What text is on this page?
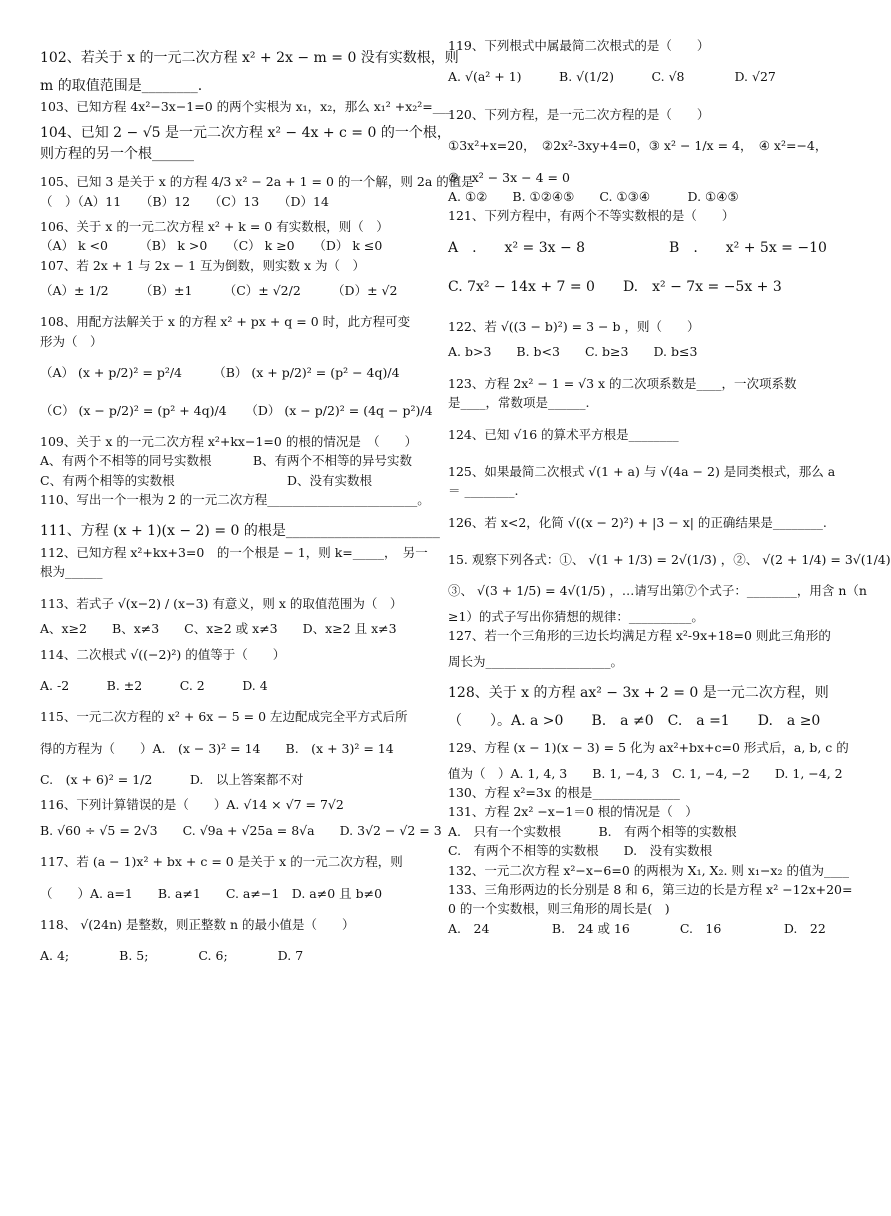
102、若关于 x 的一元二次方程 x² + 2x − m = 0 没有实数根，则
m 的取值范围是________.
103、已知方程 4x²−3x−1=0 的两个实根为 x₁，x₂，那么 x₁² +x₂²=___
104、已知 2 − √5 是一元二次方程 x² − 4x + c = 0 的一个根，
则方程的另一个根______
105、已知 3 是关于 x 的方程 4/3 x² − 2a + 1 = 0 的一个解，则 2a 的值是
（　）（A）11　　（B）12　　（C）13　　（D）14
106、关于 x 的一元二次方程 x² + k = 0 有实数根，则（　）
（A） k <0　　　（B） k >0　　（C） k ≥0　　（D） k ≤0
107、若 2x + 1 与 2x − 1 互为倒数，则实数 x 为（　）
（A）± 1/2　　　（B）±1　　　（C）± √2/2　　　（D）± √2
108、用配方法解关于 x 的方程 x² + px + q = 0 时，此方程可变
形为（　）
（A） (x + p/2)² = p²/4　　　（B） (x + p/2)² = (p² − 4q)/4
（C） (x − p/2)² = (p² + 4q)/4　　（D） (x − p/2)² = (4q − p²)/4
109、关于 x 的一元二次方程 x²+kx−1=0 的根的情况是　（　　）
A、有两个不相等的同号实数根	B、有两个不相等的异号实数
C、有两个相等的实数根	D、没有实数根
110、写出一个一根为 2 的一元二次方程________________________。
111、方程 (x + 1)(x − 2) = 0 的根是______________________
112、已知方程 x²+kx+3=0　的一个根是 − 1，则 k=_____，　另一
根为______
113、若式子 √(x−2) / (x−3) 有意义，则 x 的取值范围为（　）
A、x≥2　　B、x≠3　　C、x≥2 或 x≠3　　D、x≥2 且 x≠3
114、二次根式 √((−2)²) 的值等于（　　）
A. -2　　　B. ±2　　　C. 2　　　D. 4
115、一元二次方程的 x² + 6x − 5 = 0 左边配成完全平方式后所
得的方程为（　　）A.　(x − 3)² = 14　　B.　(x + 3)² = 14
C.　(x + 6)² = 1/2　　　D.　以上答案都不对
116、下列计算错误的是（　　）A. √14 × √7 = 7√2
B. √60 ÷ √5 = 2√3　　C. √9a + √25a = 8√a　　D. 3√2 − √2 = 3
117、若 (a − 1)x² + bx + c = 0 是关于 x 的一元二次方程，则
（　　）A. a=1　　B. a≠1　　C. a≠−1　D. a≠0 且 b≠0
118、 √(24n) 是整数，则正整数 n 的最小值是（　　）
A. 4;　　　　B. 5;　　　　C. 6;　　　　D. 7
119、下列根式中属最简二次根式的是（　　）
A. √(a² + 1)　　　B. √(1/2)　　　C. √8　　　　D. √27
120、下列方程，是一元二次方程的是（　　）
①3x²+x=20，　②2x²-3xy+4=0，③ x² − 1/x = 4，　④ x²=−4，
⑤　x² − 3x − 4 = 0
A. ①②　　B. ①②④⑤　　C. ①③④　　　D. ①④⑤
121、下列方程中，有两个不等实数根的是（　　）
A　.　　x² = 3x − 8　　　　　　B　.　　x² + 5x = −10
C. 7x² − 14x + 7 = 0　　D.　x² − 7x = −5x + 3
122、若 √((3 − b)²) = 3 − b ，则（　　）
A. b>3　　B. b<3　　C. b≥3　　D. b≤3
123、方程 2x² − 1 = √3 x 的二次项系数是____，一次项系数
是____，常数项是______.
124、已知 √16 的算术平方根是________
125、如果最简二次根式 √(1 + a) 与 √(4a − 2) 是同类根式，那么 a
＝ ________.
126、若 x<2，化简 √((x − 2)²) + |3 − x| 的正确结果是________.
15. 观察下列各式：①、 √(1 + 1/3) = 2√(1/3) ，②、 √(2 + 1/4) = 3√(1/4)
③、 √(3 + 1/5) = 4√(1/5) ，…请写出第⑦个式子：________，用含 n（n
≥1）的式子写出你猜想的规律：__________。
127、若一个三角形的三边长均满足方程 x²-9x+18=0 则此三角形的
周长为____________________。
128、关于 x 的方程 ax² − 3x + 2 = 0 是一元二次方程，则
（　　）。A. a >0　　B.　a ≠0　C.　a =1　　D.　a ≥0
129、方程 (x − 1)(x − 3) = 5 化为 ax²+bx+c=0 形式后，a, b, c 的
值为（　）A. 1, 4, 3　　B. 1, −4, 3　C. 1, −4, −2　　D. 1, −4, 2
130、方程 x²=3x 的根是______________
131、方程 2x² −x−1＝0 根的情况是（　）
A.　只有一个实数根　　　B.　有两个相等的实数根
C.　有两个不相等的实数根　　D.　没有实数根
132、一元二次方程 x²−x−6=0 的两根为 X₁, X₂. 则 x₁−x₂ 的值为____
133、三角形两边的长分别是 8 和 6，第三边的长是方程 x² −12x+20=
0 的一个实数根，则三角形的周长是(　)
A.　24　　　　　B.　24 或 16　　　　C.　16　　　　　D.　22
